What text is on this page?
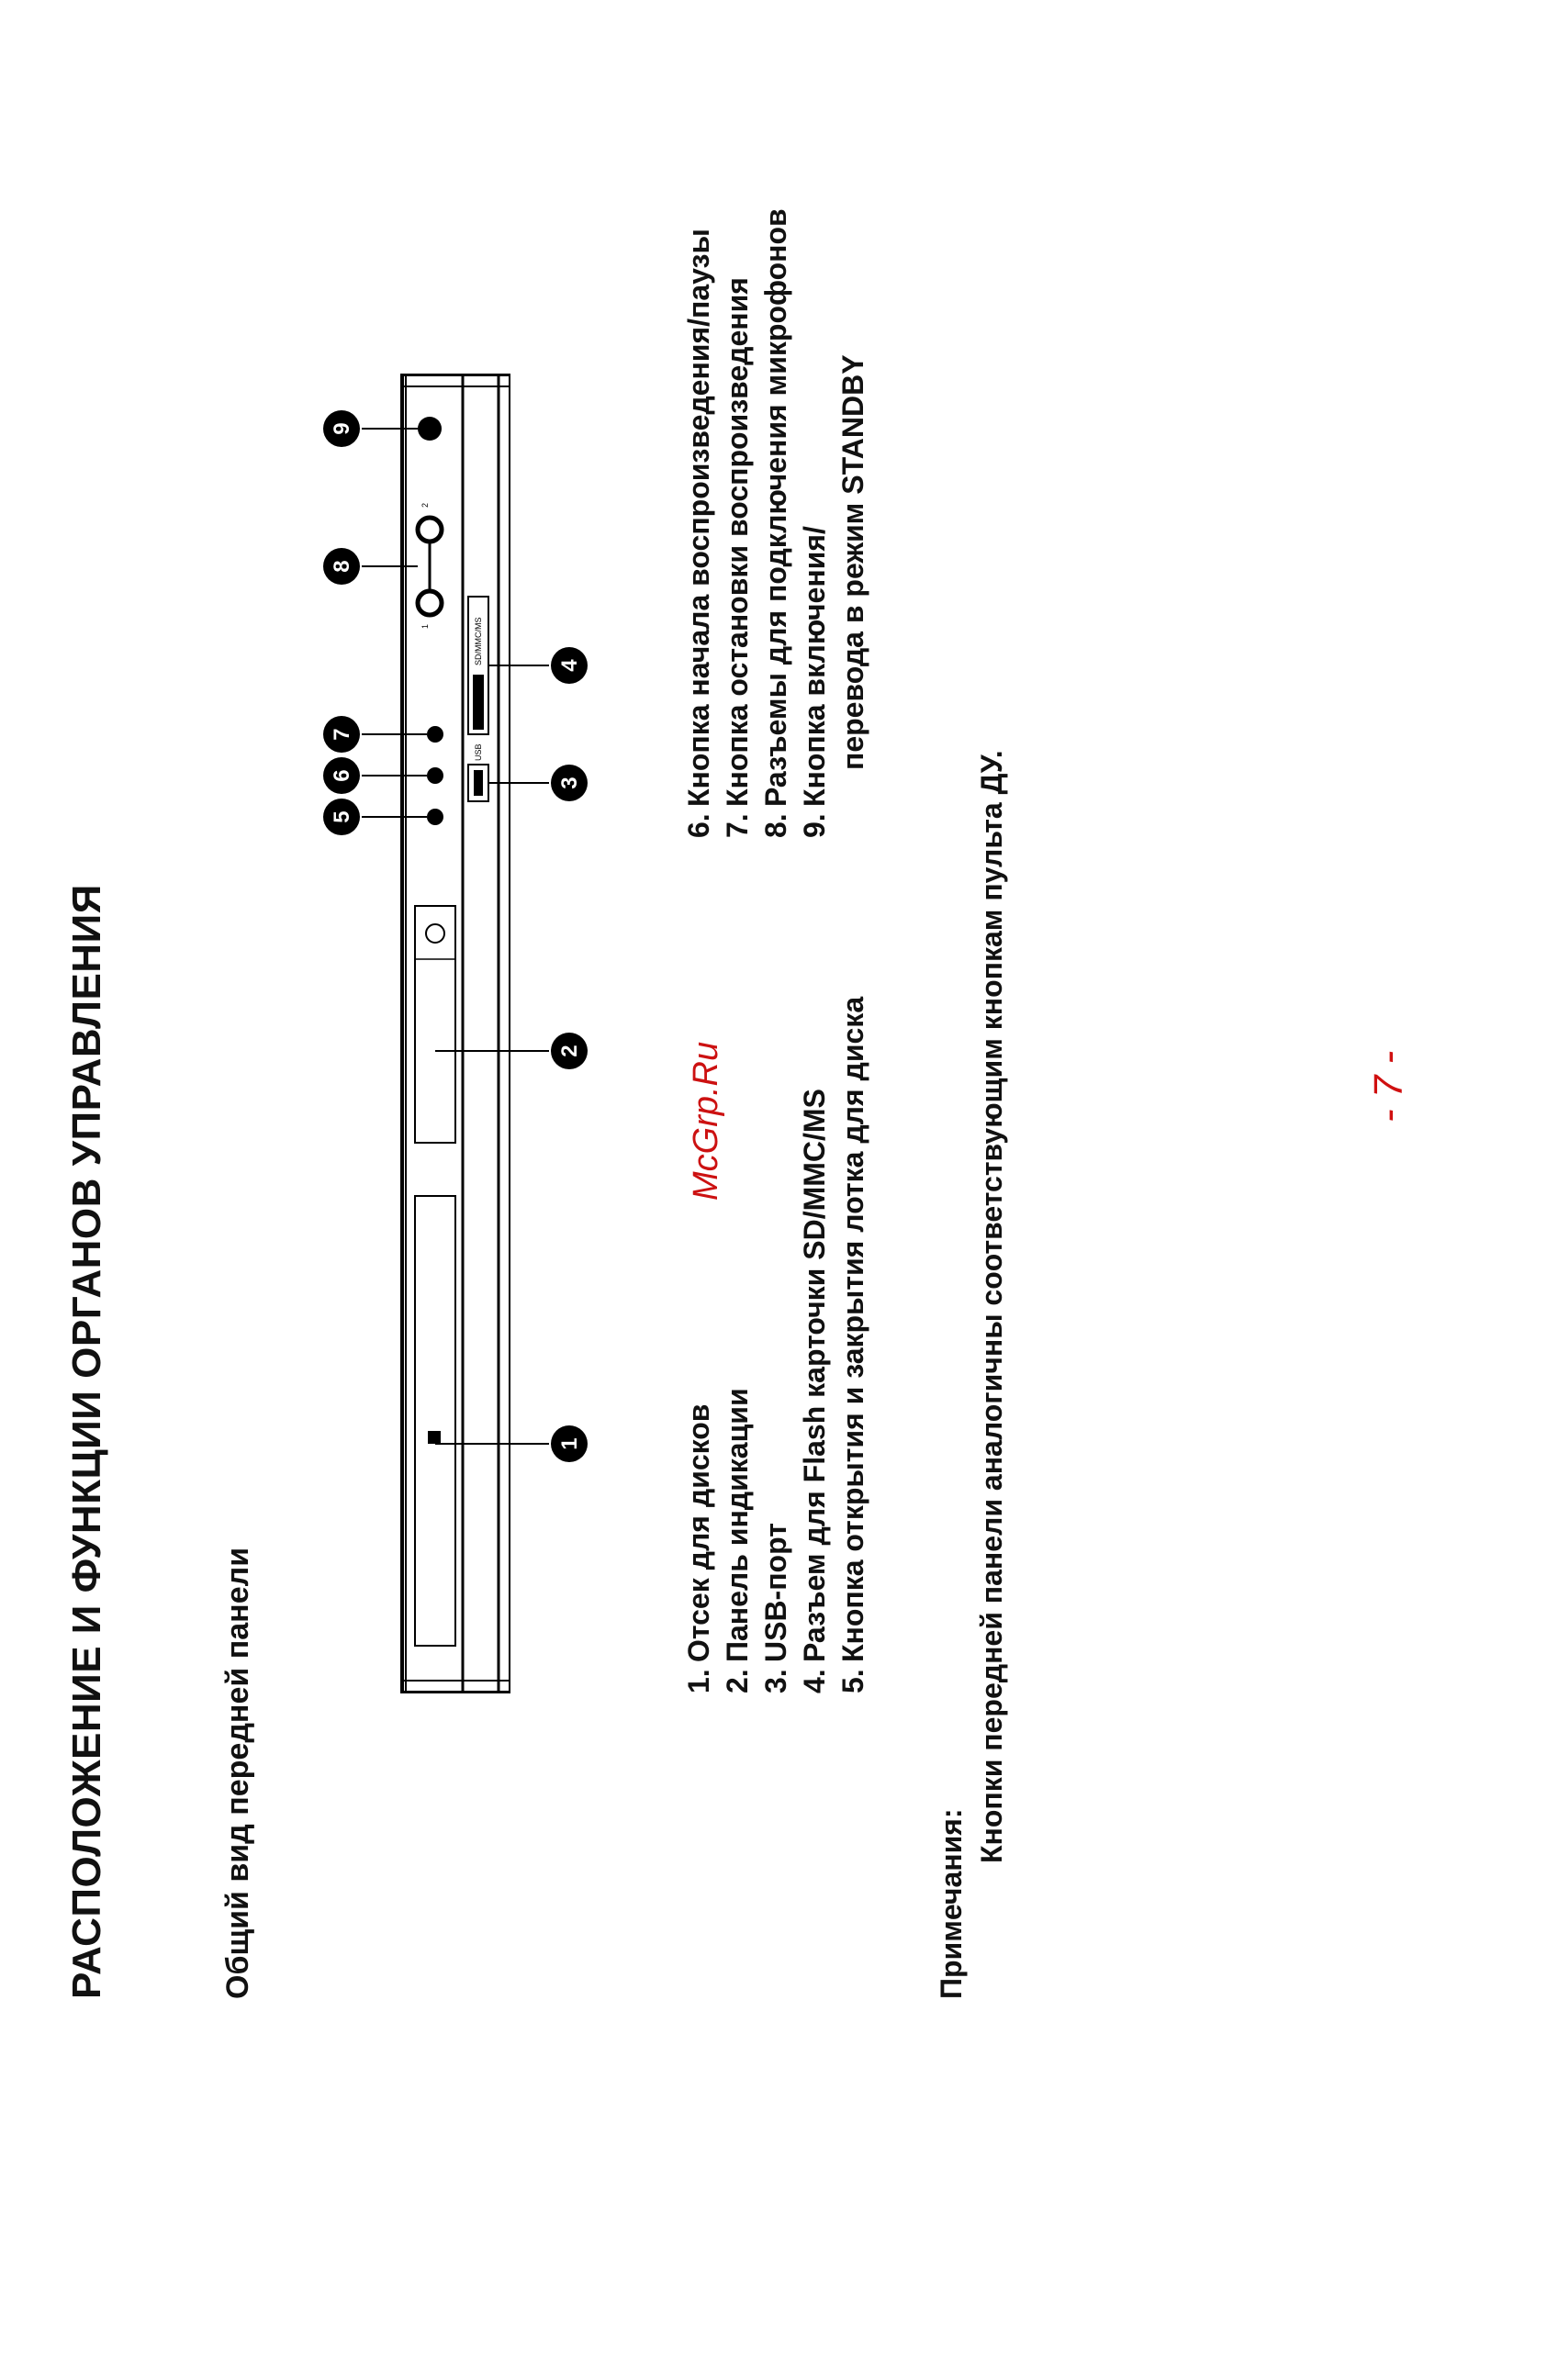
РАСПОЛОЖЕНИЕ И ФУНКЦИИ ОРГАНОВ УПРАВЛЕНИЯ	Общий вид передней панели
USB
SD/MMC/MS
1
2
1
2
3
4
5
6
7
8
9
1.
Отсек для дисков
2.
Панель индикации
3.
USB-порт
4.
Разъем для Flash карточки SD/MMC/MS
5.
Кнопка открытия и закрытия лотка для диска
6.
Кнопка начала воспроизведения/паузы
7.
Кнопка остановки воспроизведения
8.
Разъемы для подключения микрофонов
9.
Кнопка включения/ перевода в режим STANDBY
Примечания:
Кнопки передней панели аналогичны соответствующим кнопкам пульта ДУ.
McGrp.Ru	- 7 -
